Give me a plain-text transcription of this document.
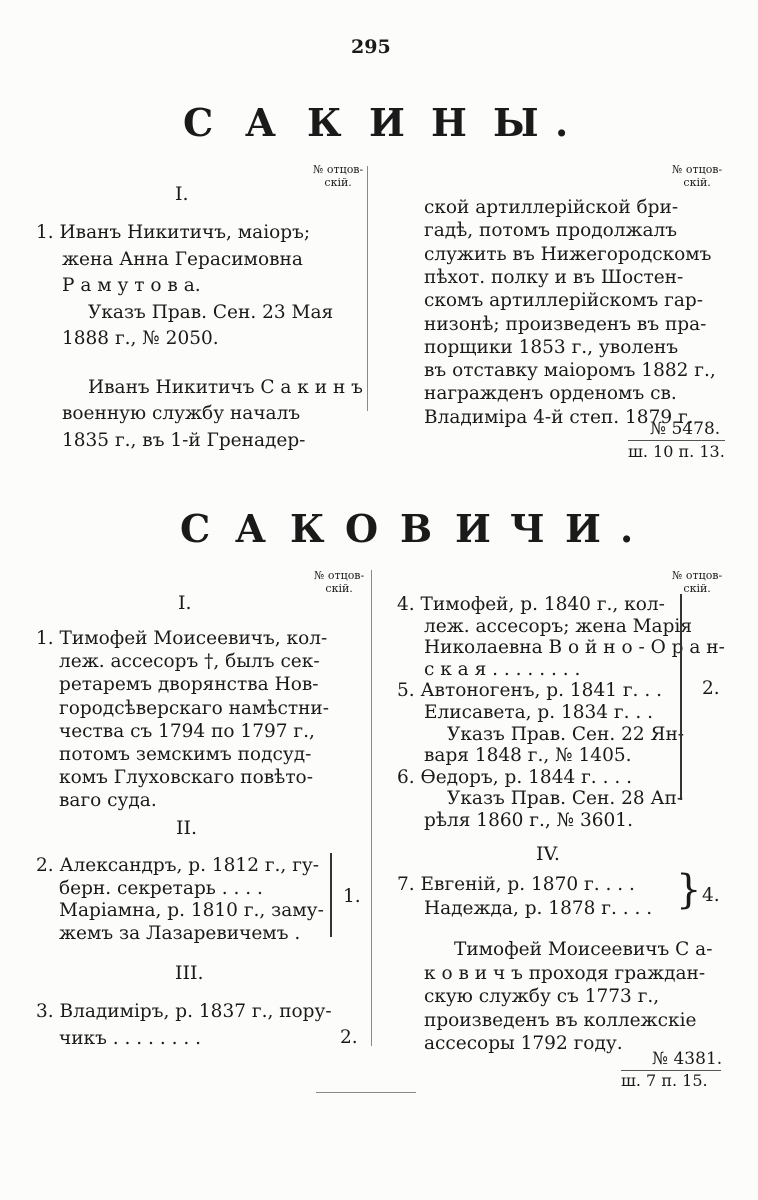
295
С А К И Н Ы .
№ отцов-
скій.
№ отцов-
скій.
I.
1. Иванъ Никитичъ, маіоръ;
жена Анна Герасимовна
Р а м у т о в а.
Указъ Прав. Сен. 23 Мая
1888 г., № 2050.
Иванъ Никитичъ С а к и н ъ
военную службу началъ
1835 г., въ 1-й Гренадер-
ской артиллерійской бри-
гадѣ, потомъ продолжалъ
служить въ Нижегородскомъ
пѣхот. полку и въ Шостен-
скомъ артиллерійскомъ гар-
низонѣ; произведенъ въ пра-
порщики 1853 г., уволенъ
въ отставку маіоромъ 1882 г.,
награжденъ орденомъ св.
Владиміра 4-й степ. 1879 г.
№ 5478.
ш. 10 п. 13.
С А К О В И Ч И .
№ отцов-
скій.
№ отцов-
скій.
I.
1. Тимофей Моисеевичъ, кол-
леж. ассесоръ †, былъ сек-
ретаремъ дворянства Нов-
городсѣверскаго намѣстни-
чества съ 1794 по 1797 г.,
потомъ земскимъ подсуд-
комъ Глуховскаго повѣто-
ваго суда.
II.
2. Александръ, р. 1812 г., гу-
берн. секретарь . . . .
Маріамна, р. 1810 г., заму-
жемъ за Лазаревичемъ .
1.
III.
3. Владиміръ, р. 1837 г., пору-
чикъ . . . . . . . .	2.
4. Тимофей, р. 1840 г., кол-
леж. ассесоръ; жена Марія
Николаевна В о й н о - О р а н-
с к а я . . . . . . . .
5. Автоногенъ, р. 1841 г. . .
Елисавета, р. 1834 г. . .
Указъ Прав. Сен. 22 Ян-
варя 1848 г., № 1405.
6. Ѳедоръ, р. 1844 г. . . .
Указъ Прав. Сен. 28 Ап-
рѣля 1860 г., № 3601.
2.
IV.
7. Евгеній, р. 1870 г. . . .
Надежда, р. 1878 г. . . . } 4.
Тимофей Моисеевичъ С а-
к о в и ч ъ проходя граждан-
скую службу съ 1773 г.,
произведенъ въ коллежскіе
ассесоры 1792 году.
№ 4381.
ш. 7 п. 15.
